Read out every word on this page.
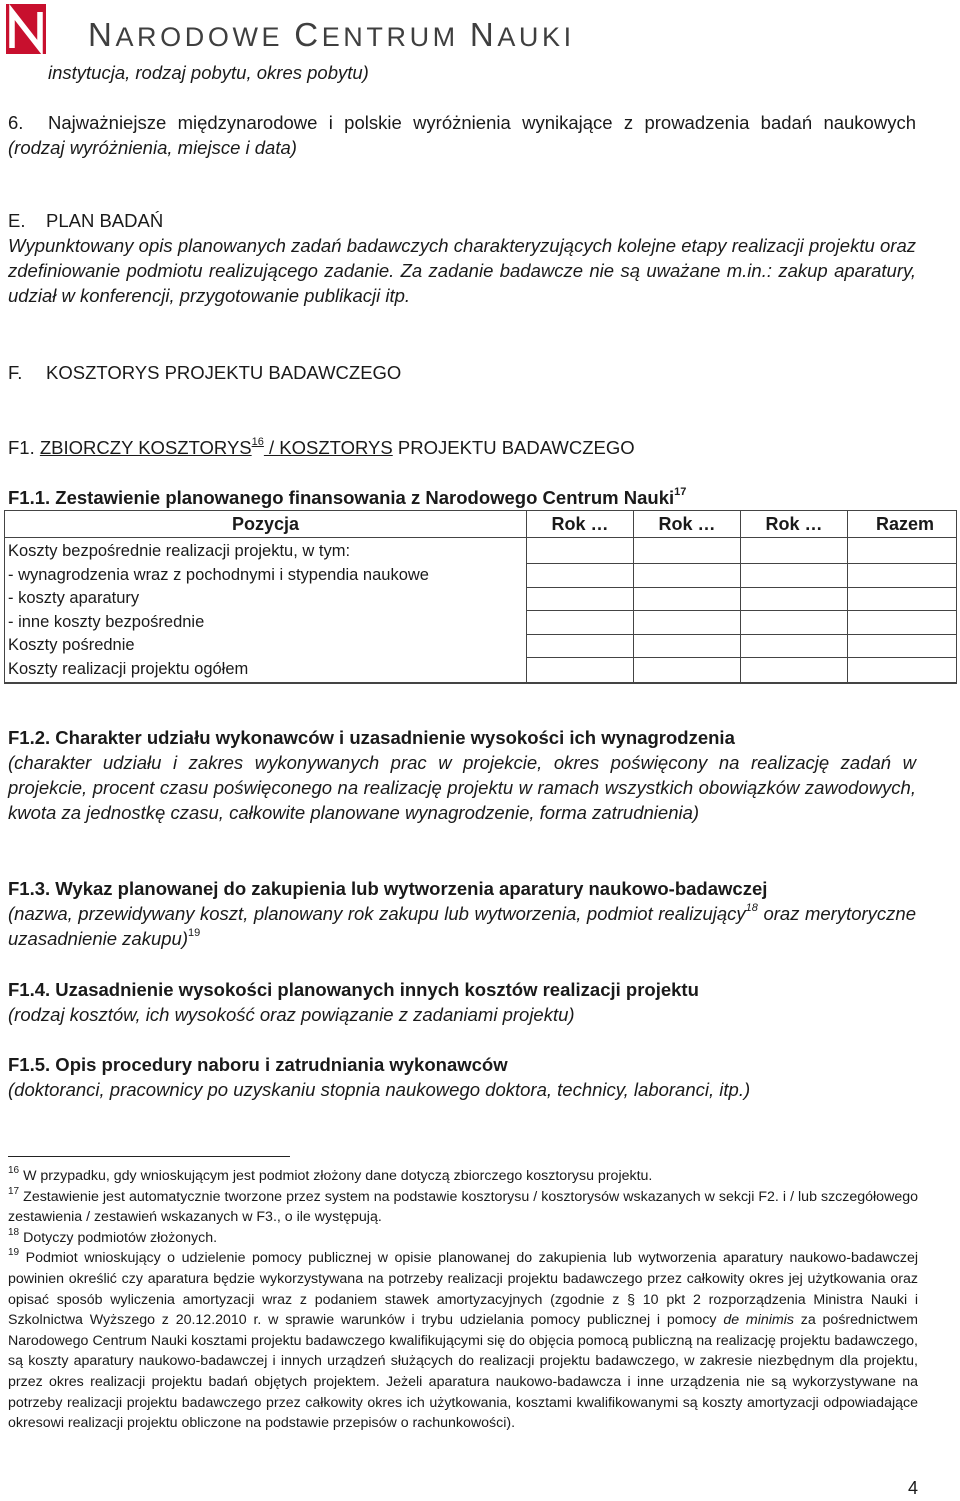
NARODOWE CENTRUM NAUKI
instytucja, rodzaj pobytu, okres pobytu)
6. Najważniejsze międzynarodowe i polskie wyróżnienia wynikające z prowadzenia badań naukowych (rodzaj wyróżnienia, miejsce i data)
E. PLAN BADAŃ
Wypunktowany opis planowanych zadań badawczych charakteryzujących kolejne etapy realizacji projektu oraz zdefiniowanie podmiotu realizującego zadanie. Za zadanie badawcze nie są uważane m.in.: zakup aparatury, udział w konferencji, przygotowanie publikacji itp.
F. KOSZTORYS PROJEKTU BADAWCZEGO
F1. ZBIORCZY KOSZTORYS$^{16}$ / KOSZTORYS PROJEKTU BADAWCZEGO
F1.1. Zestawienie planowanego finansowania z Narodowego Centrum Nauki$^{17}$
Pozycja	Rok …	Rok …	Rok …	Razem
Koszty bezpośrednie realizacji projektu, w tym:				
- wynagrodzenia wraz z pochodnymi i stypendia naukowe				
- koszty aparatury				
- inne koszty bezpośrednie				
Koszty pośrednie				
Koszty realizacji projektu ogółem				
F1.2. Charakter udziału wykonawców i uzasadnienie wysokości ich wynagrodzenia
(charakter udziału i zakres wykonywanych prac w projekcie, okres poświęcony na realizację zadań w projekcie, procent czasu poświęconego na realizację projektu w ramach wszystkich obowiązków zawodowych, kwota za jednostkę czasu, całkowite planowane wynagrodzenie, forma zatrudnienia)
F1.3. Wykaz planowanej do zakupienia lub wytworzenia aparatury naukowo-badawczej
(nazwa, przewidywany koszt, planowany rok zakupu lub wytworzenia, podmiot realizujący$^{18}$ oraz merytoryczne uzasadnienie zakupu)$^{19}$
F1.4. Uzasadnienie wysokości planowanych innych kosztów realizacji projektu
(rodzaj kosztów, ich wysokość oraz powiązanie z zadaniami projektu)
F1.5. Opis procedury naboru i zatrudniania wykonawców
(doktoranci, pracownicy po uzyskaniu stopnia naukowego doktora, technicy, laboranci, itp.)

$^{16}$ W przypadku, gdy wnioskującym jest podmiot złożony dane dotyczą zbiorczego kosztorysu projektu.

$^{17}$ Zestawienie jest automatycznie tworzone przez system na podstawie kosztorysu / kosztorysów wskazanych w sekcji F2. i / lub szczegółowego zestawienia / zestawień wskazanych w F3., o ile występują.

$^{18}$ Dotyczy podmiotów złożonych.

$^{19}$ Podmiot wnioskujący o udzielenie pomocy publicznej w opisie planowanej do zakupienia lub wytworzenia aparatury naukowo-badawczej powinien określić czy aparatura będzie wykorzystywana na potrzeby realizacji projektu badawczego przez całkowity okres jej użytkowania oraz opisać sposób wyliczenia amortyzacji wraz z podaniem stawek amortyzacyjnych (zgodnie z § 10 pkt 2 rozporządzenia Ministra Nauki i Szkolnictwa Wyższego z 20.12.2010 r. w sprawie warunków i trybu udzielania pomocy publicznej i pomocy de minimis za pośrednictwem Narodowego Centrum Nauki kosztami projektu badawczego kwalifikującymi się do objęcia pomocą publiczną na realizację projektu badawczego, są koszty aparatury naukowo-badawczej i innych urządzeń służących do realizacji projektu badawczego, w zakresie niezbędnym dla projektu, przez okres realizacji projektu badań objętych projektem. Jeżeli aparatura naukowo-badawcza i inne urządzenia nie są wykorzystywane na potrzeby realizacji projektu badawczego przez całkowity okres ich użytkowania, kosztami kwalifikowanymi są koszty amortyzacji odpowiadające okresowi realizacji projektu obliczone na podstawie przepisów o rachunkowości).

4
